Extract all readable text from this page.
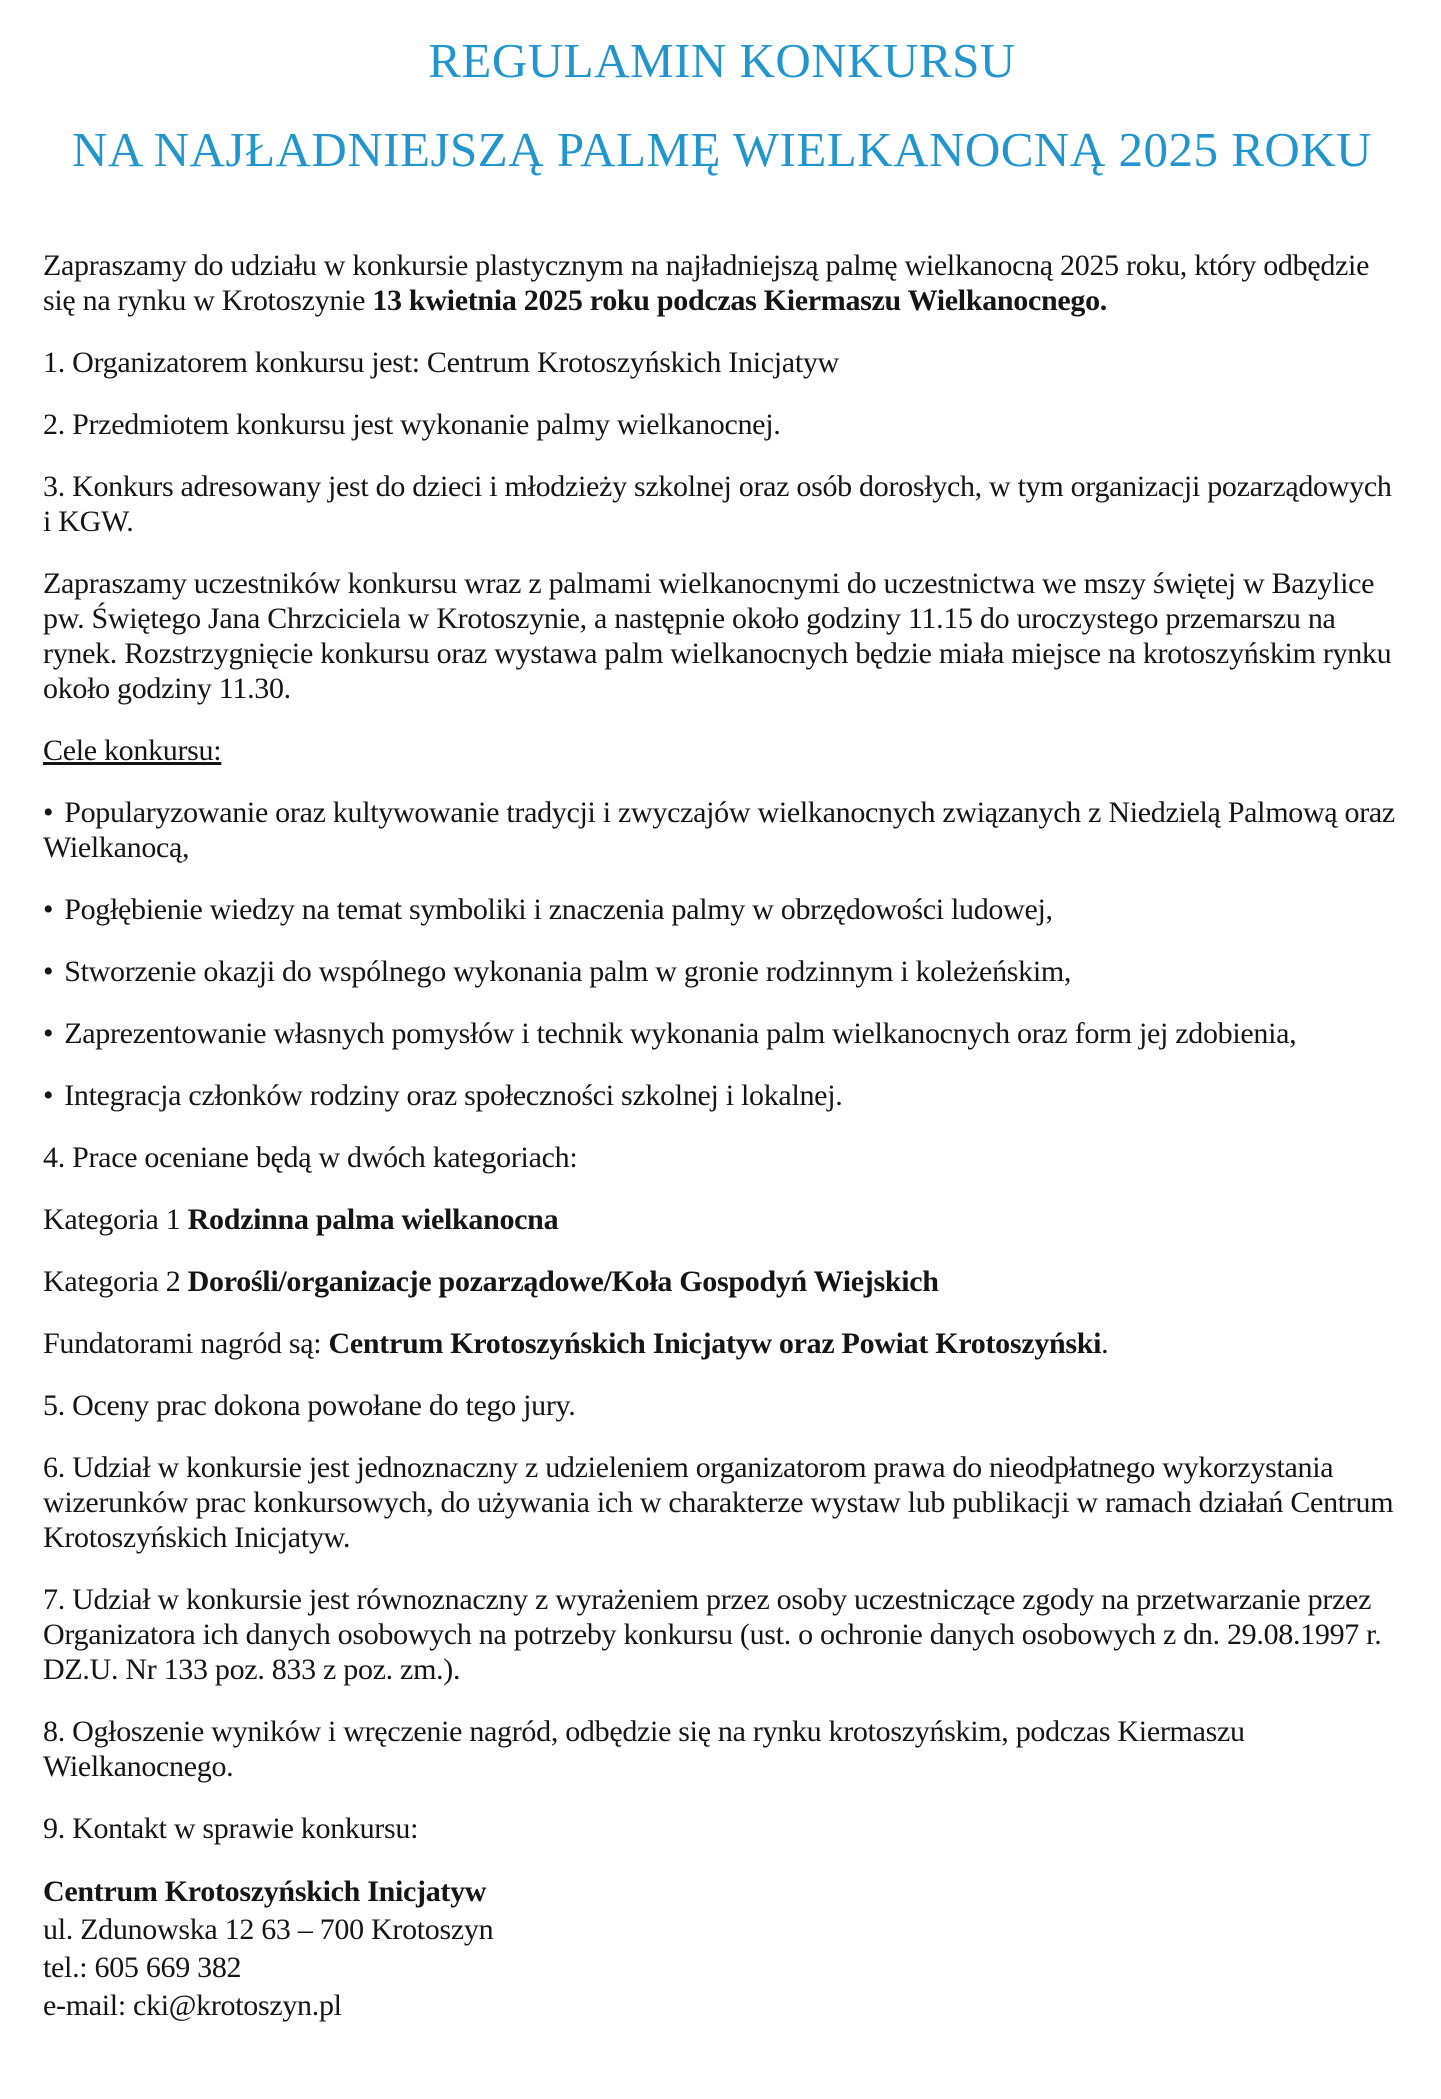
REGULAMIN KONKURSU
NA NAJŁADNIEJSZĄ PALMĘ WIELKANOCNĄ 2025 ROKU

Zapraszamy do udziału w konkursie plastycznym na najładniejszą palmę wielkanocną 2025 roku, który odbędzie się na rynku w Krotoszynie 13 kwietnia 2025 roku podczas Kiermaszu Wielkanocnego.

1. Organizatorem konkursu jest: Centrum Krotoszyńskich Inicjatyw

2. Przedmiotem konkursu jest wykonanie palmy wielkanocnej.

3. Konkurs adresowany jest do dzieci i młodzieży szkolnej oraz osób dorosłych, w tym organizacji pozarządowych i KGW.

Zapraszamy uczestników konkursu wraz z palmami wielkanocnymi do uczestnictwa we mszy świętej w Bazylice pw. Świętego Jana Chrzciciela w Krotoszynie, a następnie około godziny 11.15 do uroczystego przemarszu na rynek. Rozstrzygnięcie konkursu oraz wystawa palm wielkanocnych będzie miała miejsce na krotoszyńskim rynku około godziny 11.30.

Cele konkursu:

• Popularyzowanie oraz kultywowanie tradycji i zwyczajów wielkanocnych związanych z Niedzielą Palmową oraz Wielkanocą,

• Pogłębienie wiedzy na temat symboliki i znaczenia palmy w obrzędowości ludowej,

• Stworzenie okazji do wspólnego wykonania palm w gronie rodzinnym i koleżeńskim,

• Zaprezentowanie własnych pomysłów i technik wykonania palm wielkanocnych oraz form jej zdobienia,

• Integracja członków rodziny oraz społeczności szkolnej i lokalnej.

4. Prace oceniane będą w dwóch kategoriach:

Kategoria 1 Rodzinna palma wielkanocna

Kategoria 2 Dorośli/organizacje pozarządowe/Koła Gospodyń Wiejskich

Fundatorami nagród są: Centrum Krotoszyńskich Inicjatyw oraz Powiat Krotoszyński.

5. Oceny prac dokona powołane do tego jury.

6. Udział w konkursie jest jednoznaczny z udzieleniem organizatorom prawa do nieodpłatnego wykorzystania wizerunków prac konkursowych, do używania ich w charakterze wystaw lub publikacji w ramach działań Centrum Krotoszyńskich Inicjatyw.

7. Udział w konkursie jest równoznaczny z wyrażeniem przez osoby uczestniczące zgody na przetwarzanie przez Organizatora ich danych osobowych na potrzeby konkursu (ust. o ochronie danych osobowych z dn. 29.08.1997 r. DZ.U. Nr 133 poz. 833 z poz. zm.).

8. Ogłoszenie wyników i wręczenie nagród, odbędzie się na rynku krotoszyńskim, podczas Kiermaszu Wielkanocnego.

9. Kontakt w sprawie konkursu:

Centrum Krotoszyńskich Inicjatyw

ul. Zdunowska 12 63 – 700 Krotoszyn

tel.: 605 669 382

e-mail: cki@krotoszyn.pl
